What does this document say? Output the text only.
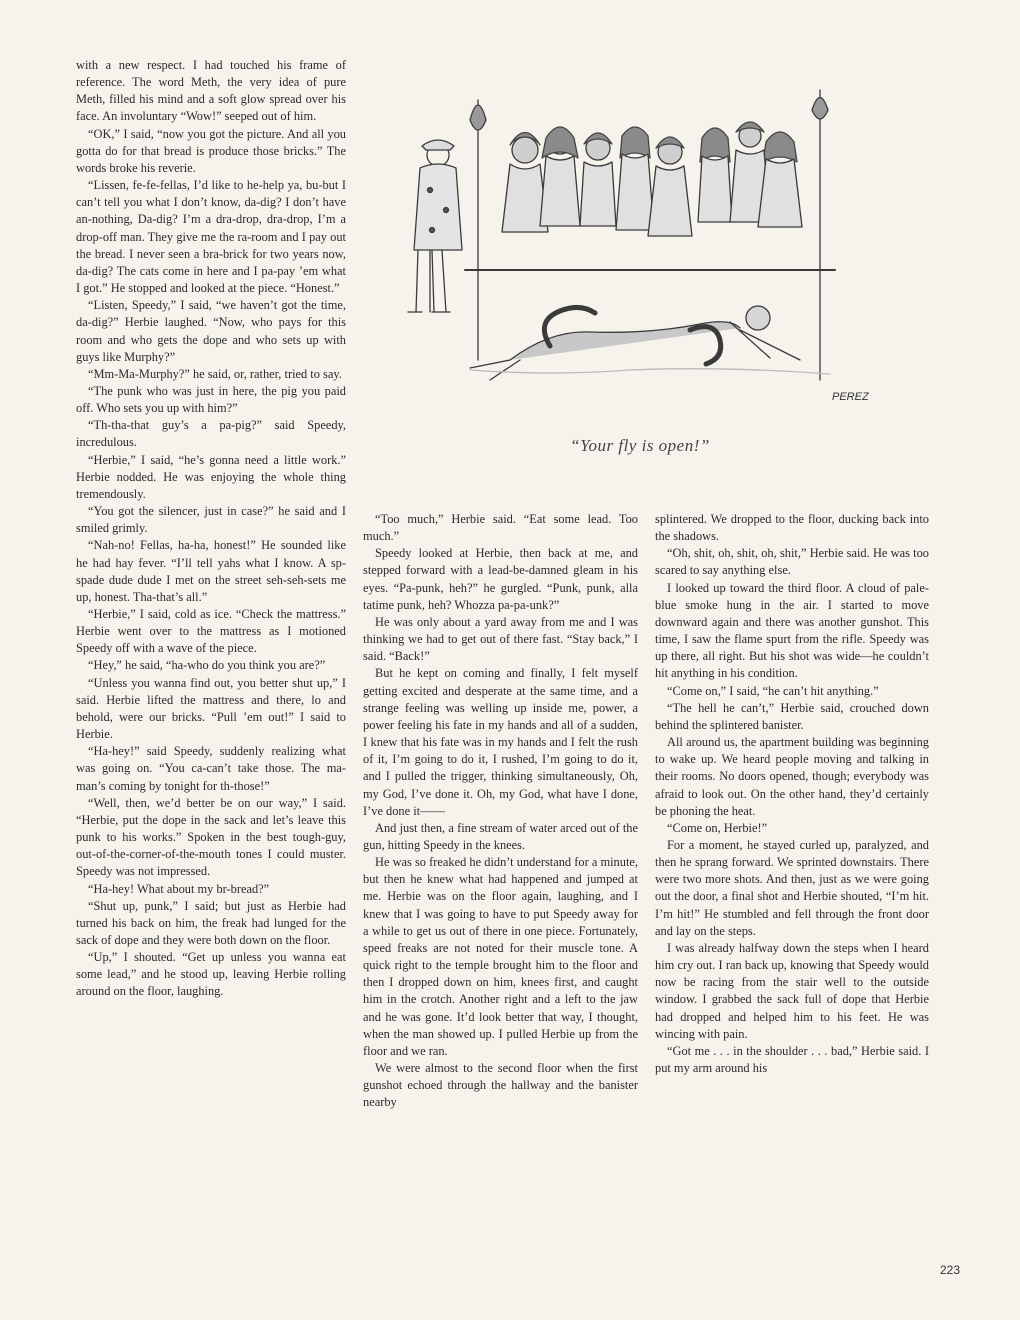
with a new respect. I had touched his frame of reference. The word Meth, the very idea of pure Meth, filled his mind and a soft glow spread over his face. An involuntary “Wow!” seeped out of him.

“OK,” I said, “now you got the picture. And all you gotta do for that bread is produce those bricks.” The words broke his reverie.

“Lissen, fe-fe-fellas, I’d like to he-help ya, bu-but I can’t tell you what I don’t know, da-dig? I don’t have an-nothing, Da-dig? I’m a dra-drop, dra-drop, I’m a drop-off man. They give me the ra-room and I pay out the bread. I never seen a bra-brick for two years now, da-dig? The cats come in here and I pa-pay ’em what I got.” He stopped and looked at the piece. “Honest.”

“Listen, Speedy,” I said, “we haven’t got the time, da-dig?” Herbie laughed. “Now, who pays for this room and who gets the dope and who sets up with guys like Murphy?”

“Mm-Ma-Murphy?” he said, or, rather, tried to say.

“The punk who was just in here, the pig you paid off. Who sets you up with him?”

“Th-tha-that guy’s a pa-pig?” said Speedy, incredulous.

“Herbie,” I said, “he’s gonna need a little work.” Herbie nodded. He was enjoying the whole thing tremendously.

“You got the silencer, just in case?” he said and I smiled grimly.

“Nah-no! Fellas, ha-ha, honest!” He sounded like he had hay fever. “I’ll tell yahs what I know. A sp-spade dude dude I met on the street seh-seh-sets me up, honest. Tha-that’s all.”

“Herbie,” I said, cold as ice. “Check the mattress.” Herbie went over to the mattress as I motioned Speedy off with a wave of the piece.

“Hey,” he said, “ha-who do you think you are?”

“Unless you wanna find out, you better shut up,” I said. Herbie lifted the mattress and there, lo and behold, were our bricks. “Pull ’em out!” I said to Herbie.

“Ha-hey!” said Speedy, suddenly realizing what was going on. “You ca-can’t take those. The ma-man’s coming by tonight for th-those!”

“Well, then, we’d better be on our way,” I said. “Herbie, put the dope in the sack and let’s leave this punk to his works.” Spoken in the best tough-guy, out-of-the-corner-of-the-mouth tones I could muster. Speedy was not impressed.

“Ha-hey! What about my br-bread?”

“Shut up, punk,” I said; but just as Herbie had turned his back on him, the freak had lunged for the sack of dope and they were both down on the floor.

“Up,” I shouted. “Get up unless you wanna eat some lead,” and he stood up, leaving Herbie rolling around on the floor, laughing.

PEREZ
“Your fly is open!”

“Too much,” Herbie said. “Eat some lead. Too much.”

Speedy looked at Herbie, then back at me, and stepped forward with a lead-be-damned gleam in his eyes. “Pa-punk, heh?” he gurgled. “Punk, punk, alla tatime punk, heh? Whozza pa-pa-unk?”

He was only about a yard away from me and I was thinking we had to get out of there fast. “Stay back,” I said. “Back!”

But he kept on coming and finally, I felt myself getting excited and desperate at the same time, and a strange feeling was welling up inside me, power, a power feeling his fate in my hands and all of a sudden, I knew that his fate was in my hands and I felt the rush of it, I’m going to do it, I rushed, I’m going to do it, and I pulled the trigger, thinking simultaneously, Oh, my God, I’ve done it. Oh, my God, what have I done, I’ve done it——

And just then, a fine stream of water arced out of the gun, hitting Speedy in the knees.

He was so freaked he didn’t understand for a minute, but then he knew what had happened and jumped at me. Herbie was on the floor again, laughing, and I knew that I was going to have to put Speedy away for a while to get us out of there in one piece. Fortunately, speed freaks are not noted for their muscle tone. A quick right to the temple brought him to the floor and then I dropped down on him, knees first, and caught him in the crotch. Another right and a left to the jaw and he was gone. It’d look better that way, I thought, when the man showed up. I pulled Herbie up from the floor and we ran.

We were almost to the second floor when the first gunshot echoed through the hallway and the banister nearby

splintered. We dropped to the floor, ducking back into the shadows.

“Oh, shit, oh, shit, oh, shit,” Herbie said. He was too scared to say anything else.

I looked up toward the third floor. A cloud of pale-blue smoke hung in the air. I started to move downward again and there was another gunshot. This time, I saw the flame spurt from the rifle. Speedy was up there, all right. But his shot was wide—he couldn’t hit anything in his condition.

“Come on,” I said, “he can’t hit anything.”

“The hell he can’t,” Herbie said, crouched down behind the splintered banister.

All around us, the apartment building was beginning to wake up. We heard people moving and talking in their rooms. No doors opened, though; everybody was afraid to look out. On the other hand, they’d certainly be phoning the heat.

“Come on, Herbie!”

For a moment, he stayed curled up, paralyzed, and then he sprang forward. We sprinted downstairs. There were two more shots. And then, just as we were going out the door, a final shot and Herbie shouted, “I’m hit. I’m hit!” He stumbled and fell through the front door and lay on the steps.

I was already halfway down the steps when I heard him cry out. I ran back up, knowing that Speedy would now be racing from the stair well to the outside window. I grabbed the sack full of dope that Herbie had dropped and helped him to his feet. He was wincing with pain.

“Got me . . . in the shoulder . . . bad,” Herbie said. I put my arm around his

223
